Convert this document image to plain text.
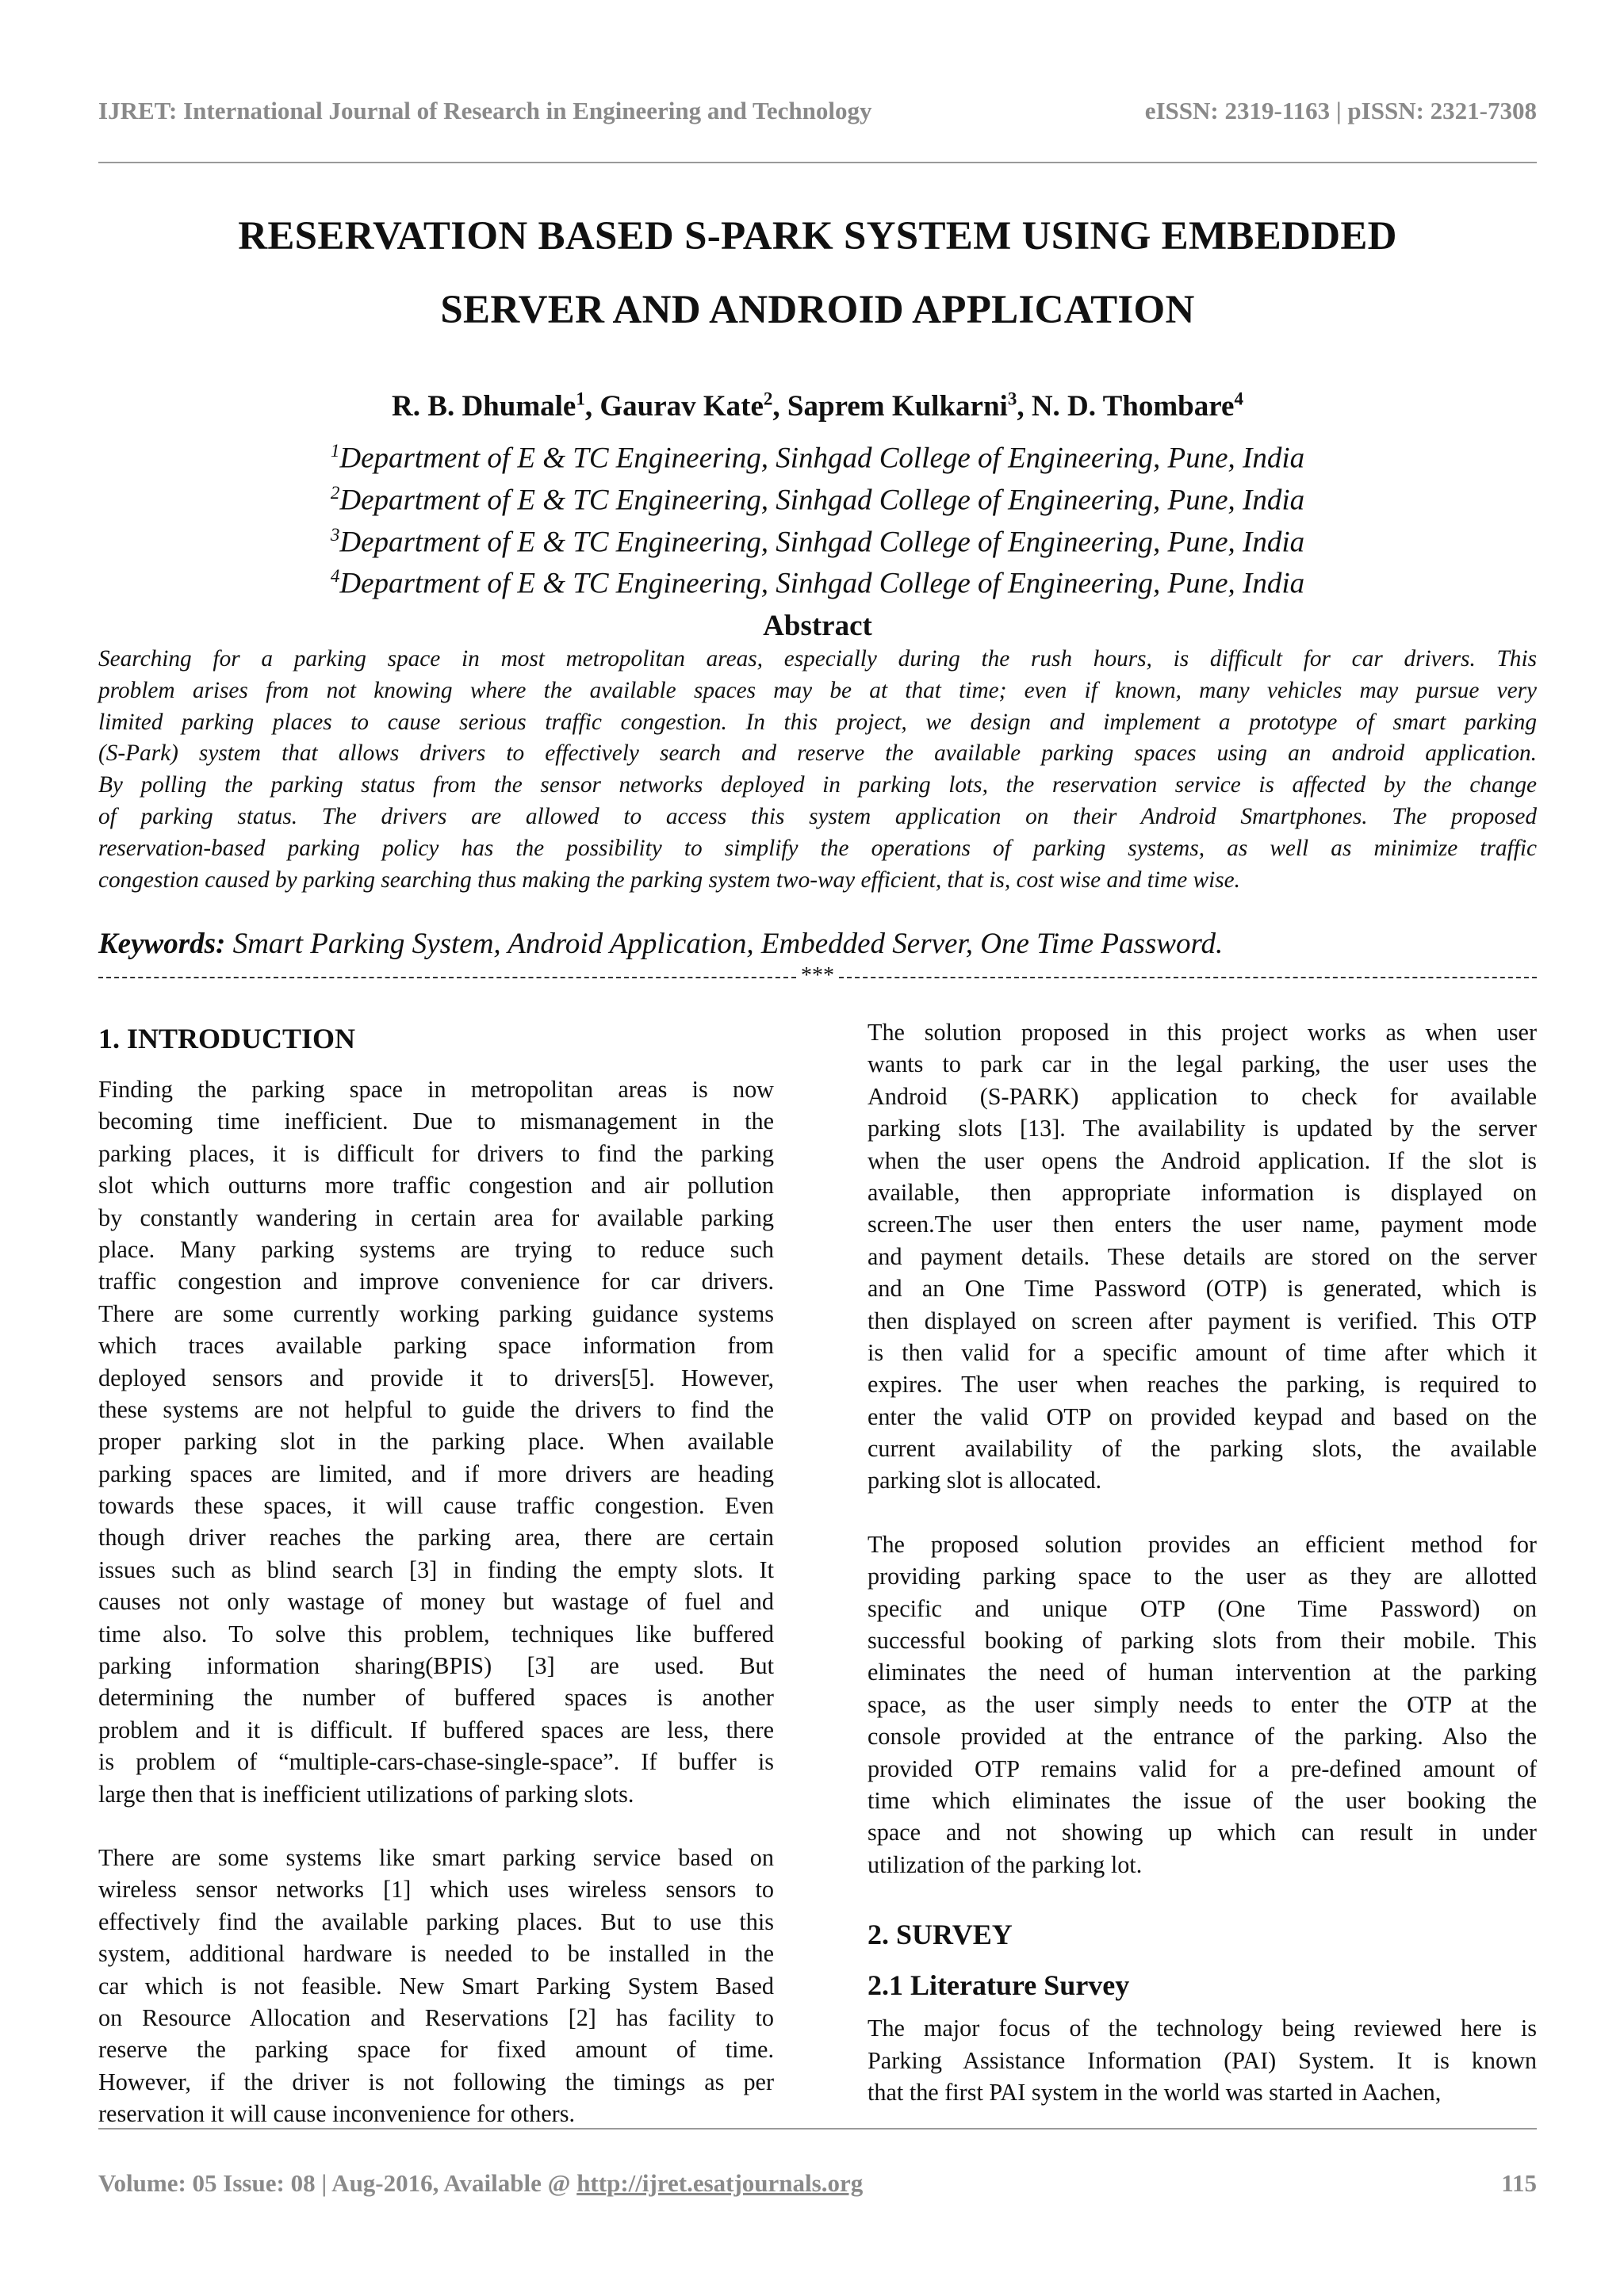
IJRET: International Journal of Research in Engineering and Technology	eISSN: 2319-1163 | pISSN: 2321-7308
RESERVATION BASED S-PARK SYSTEM USING EMBEDDED
SERVER AND ANDROID APPLICATION
R. B. Dhumale$^1$, Gaurav Kate$^2$, Saprem Kulkarni$^3$, N. D. Thombare$^4$
$^1$Department of E & TC Engineering, Sinhgad College of Engineering, Pune, India
$^2$Department of E & TC Engineering, Sinhgad College of Engineering, Pune, India
$^3$Department of E & TC Engineering, Sinhgad College of Engineering, Pune, India
$^4$Department of E & TC Engineering, Sinhgad College of Engineering, Pune, India
Abstract
Searching for a parking space in most metropolitan areas, especially during the rush hours, is difficult for car drivers. This
problem arises from not knowing where the available spaces may be at that time; even if known, many vehicles may pursue very
limited parking places to cause serious traffic congestion. In this project, we design and implement a prototype of smart parking
(S-Park) system that allows drivers to effectively search and reserve the available parking spaces using an android application.
By polling the parking status from the sensor networks deployed in parking lots, the reservation service is affected by the change
of parking status. The drivers are allowed to access this system application on their Android Smartphones. The proposed
reservation-based parking policy has the possibility to simplify the operations of parking systems, as well as minimize traffic
congestion caused by parking searching thus making the parking system two-way efficient, that is, cost wise and time wise.
Keywords: Smart Parking System, Android Application, Embedded Server, One Time Password.
***
1. INTRODUCTION
Finding the parking space in metropolitan areas is now
becoming time inefficient. Due to mismanagement in the
parking places, it is difficult for drivers to find the parking
slot which outturns more traffic congestion and air pollution
by constantly wandering in certain area for available parking
place. Many parking systems are trying to reduce such
traffic congestion and improve convenience for car drivers.
There are some currently working parking guidance systems
which traces available parking space information from
deployed sensors and provide it to drivers[5]. However,
these systems are not helpful to guide the drivers to find the
proper parking slot in the parking place. When available
parking spaces are limited, and if more drivers are heading
towards these spaces, it will cause traffic congestion. Even
though driver reaches the parking area, there are certain
issues such as blind search [3] in finding the empty slots. It
causes not only wastage of money but wastage of fuel and
time also. To solve this problem, techniques like buffered
parking information sharing(BPIS) [3] are used. But
determining the number of buffered spaces is another
problem and it is difficult. If buffered spaces are less, there
is problem of “multiple-cars-chase-single-space”. If buffer is
large then that is inefficient utilizations of parking slots.
There are some systems like smart parking service based on
wireless sensor networks [1] which uses wireless sensors to
effectively find the available parking places. But to use this
system, additional hardware is needed to be installed in the
car which is not feasible. New Smart Parking System Based
on Resource Allocation and Reservations [2] has facility to
reserve the parking space for fixed amount of time.
However, if the driver is not following the timings as per
reservation it will cause inconvenience for others.
The solution proposed in this project works as when user
wants to park car in the legal parking, the user uses the
Android (S-PARK) application to check for available
parking slots [13]. The availability is updated by the server
when the user opens the Android application. If the slot is
available, then appropriate information is displayed on
screen.The user then enters the user name, payment mode
and payment details. These details are stored on the server
and an One Time Password (OTP) is generated, which is
then displayed on screen after payment is verified. This OTP
is then valid for a specific amount of time after which it
expires. The user when reaches the parking, is required to
enter the valid OTP on provided keypad and based on the
current availability of the parking slots, the available
parking slot is allocated.
The proposed solution provides an efficient method for
providing parking space to the user as they are allotted
specific and unique OTP (One Time Password) on
successful booking of parking slots from their mobile. This
eliminates the need of human intervention at the parking
space, as the user simply needs to enter the OTP at the
console provided at the entrance of the parking. Also the
provided OTP remains valid for a pre-defined amount of
time which eliminates the issue of the user booking the
space and not showing up which can result in under
utilization of the parking lot.
2. SURVEY
2.1 Literature Survey
The major focus of the technology being reviewed here is
Parking Assistance Information (PAI) System. It is known
that the first PAI system in the world was started in Aachen,
Volume: 05 Issue: 08 | Aug-2016, Available @ http://ijret.esatjournals.org	115
